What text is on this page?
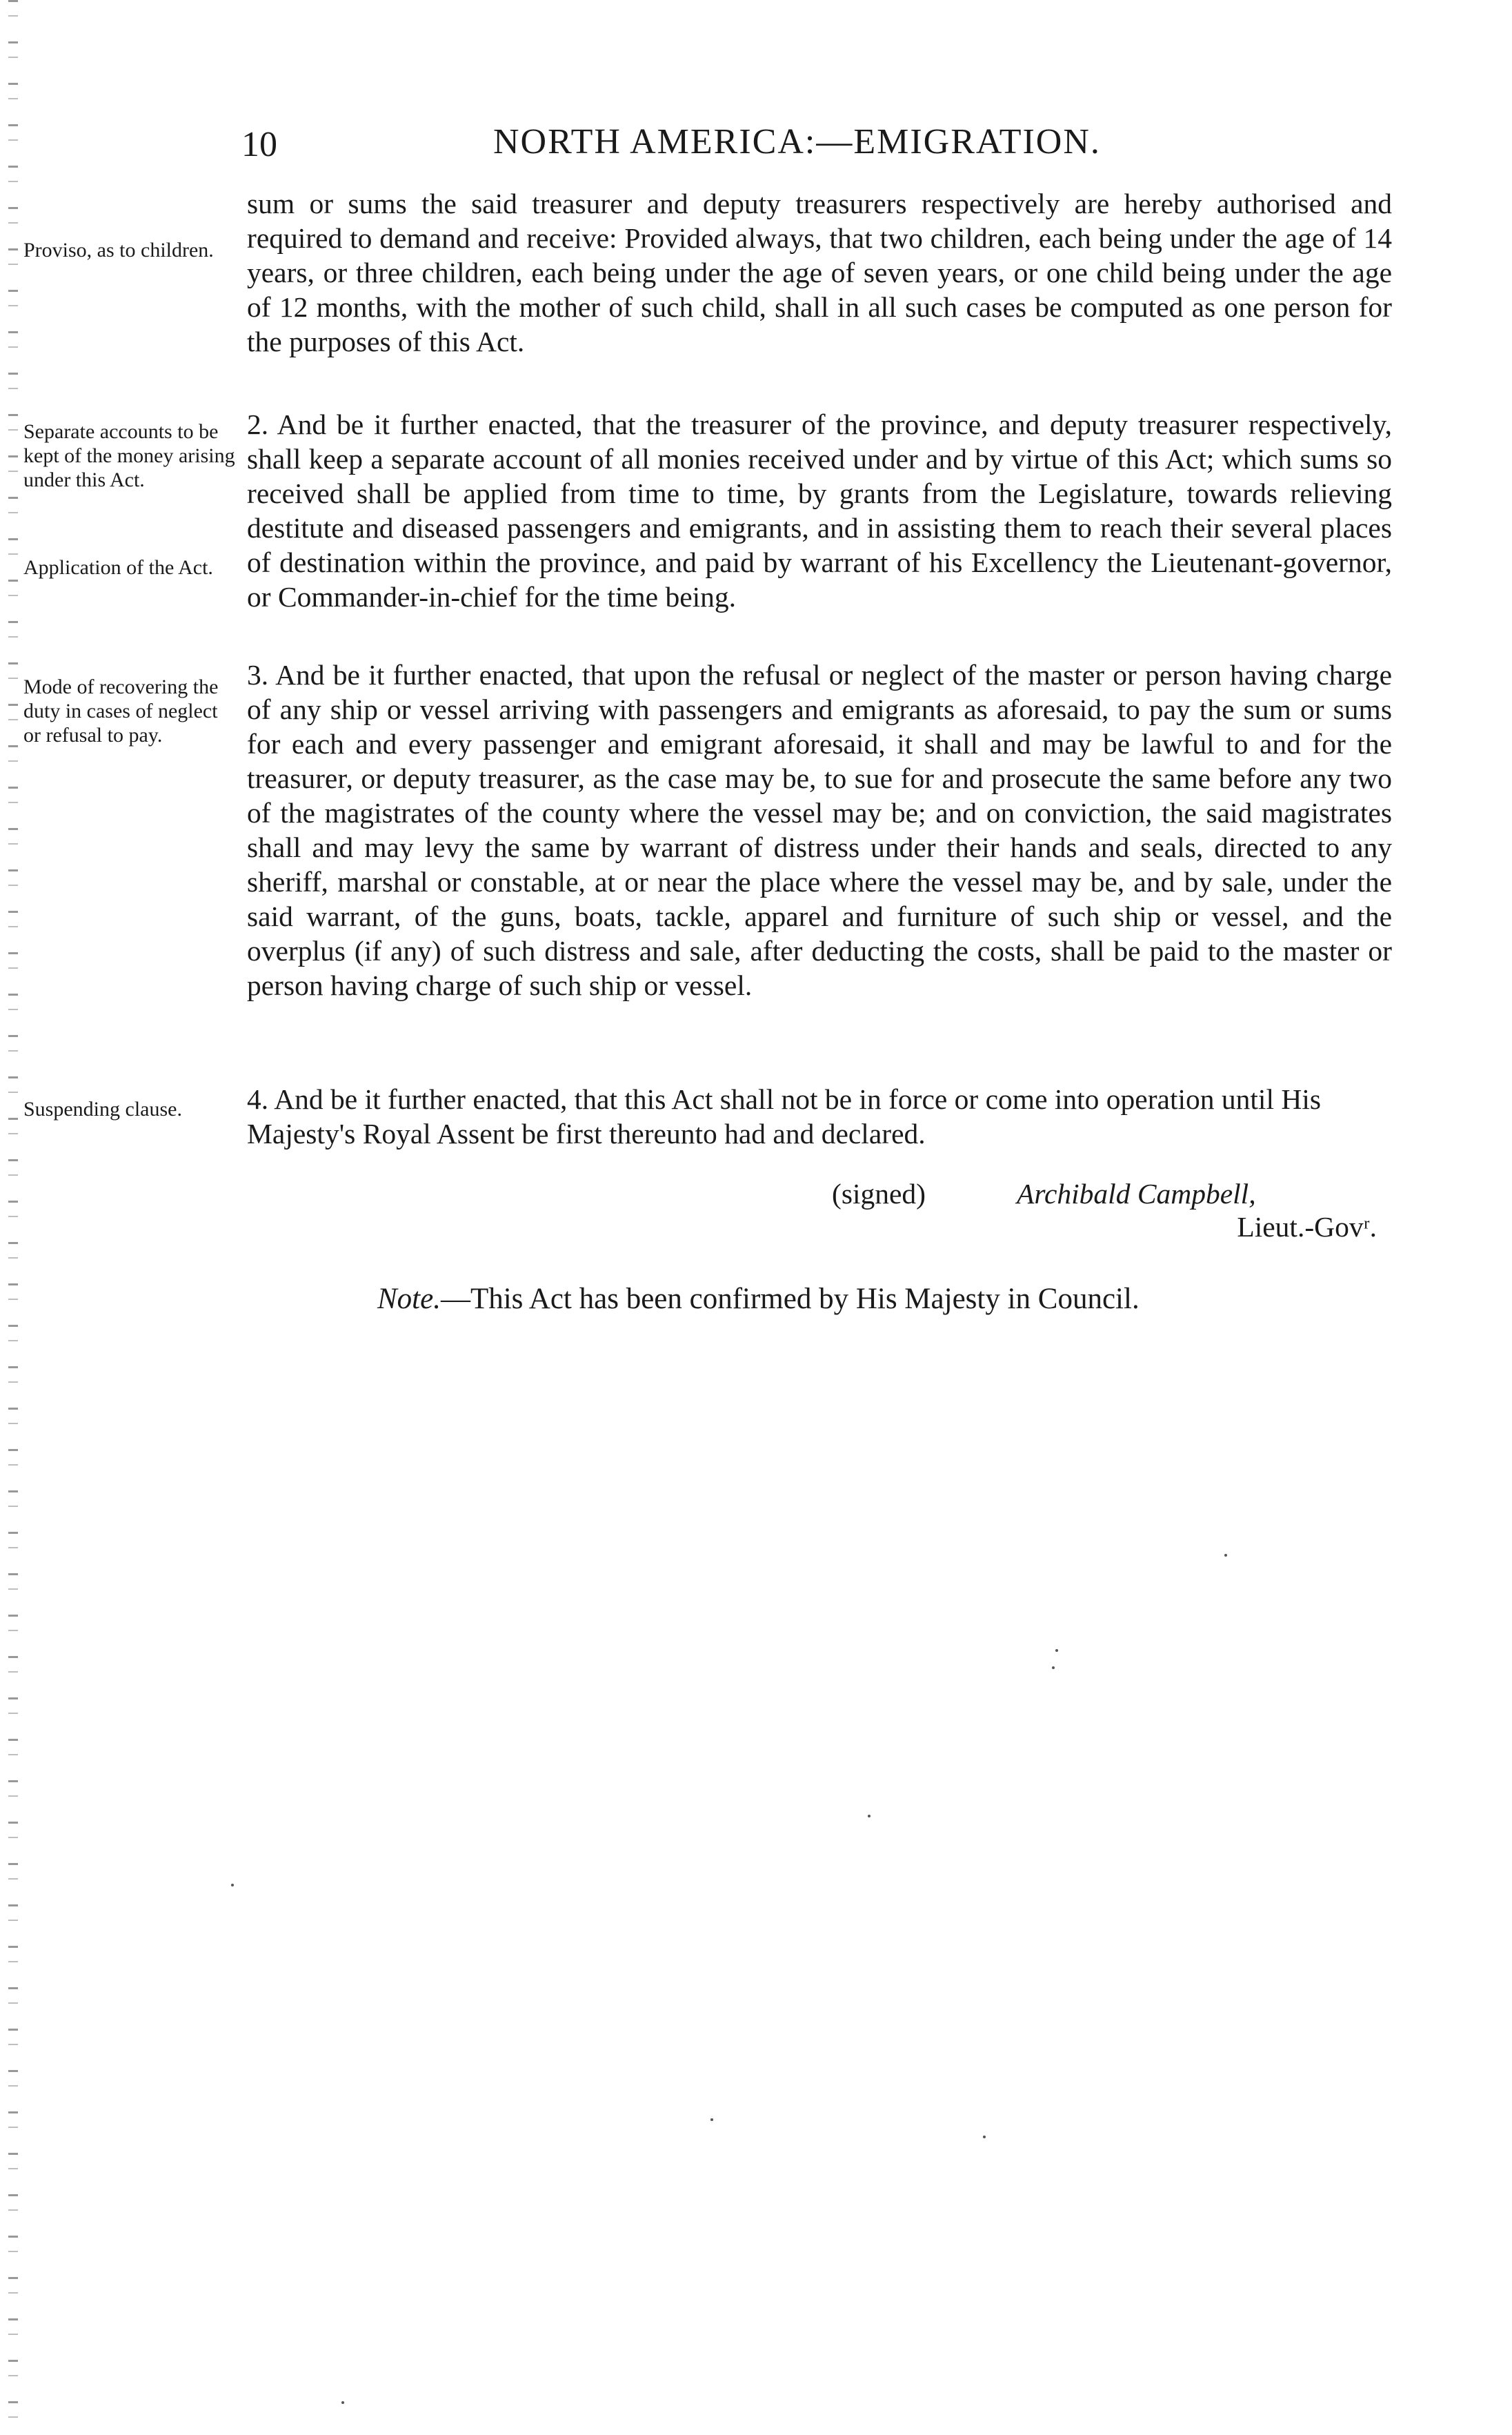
10	NORTH AMERICA:—EMIGRATION.
Proviso, as to children.

sum or sums the said treasurer and deputy treasurers respectively are hereby authorised and required to demand and receive: Provided always, that two children, each being under the age of 14 years, or three children, each being under the age of seven years, or one child being under the age of 12 months, with the mother of such child, shall in all such cases be computed as one person for the purposes of this Act.

Separate accounts to be kept of the money arising under this Act.
Application of the Act.

2. And be it further enacted, that the treasurer of the province, and deputy treasurer respectively, shall keep a separate account of all monies received under and by virtue of this Act; which sums so received shall be applied from time to time, by grants from the Legislature, towards relieving destitute and diseased passengers and emigrants, and in assisting them to reach their several places of destination within the province, and paid by warrant of his Excellency the Lieutenant-governor, or Commander-in-chief for the time being.

Mode of recovering the duty in cases of neglect or refusal to pay.

3. And be it further enacted, that upon the refusal or neglect of the master or person having charge of any ship or vessel arriving with passengers and emigrants as aforesaid, to pay the sum or sums for each and every passenger and emigrant aforesaid, it shall and may be lawful to and for the treasurer, or deputy treasurer, as the case may be, to sue for and prosecute the same before any two of the magistrates of the county where the vessel may be; and on conviction, the said magistrates shall and may levy the same by warrant of distress under their hands and seals, directed to any sheriff, marshal or constable, at or near the place where the vessel may be, and by sale, under the said warrant, of the guns, boats, tackle, apparel and furniture of such ship or vessel, and the overplus (if any) of such distress and sale, after deducting the costs, shall be paid to the master or person having charge of such ship or vessel.

Suspending clause.	4. And be it further enacted, that this Act shall not be in force or come into operation until His Majesty's Royal Assent be first thereunto had and declared.

(signed)	Archibald Campbell,
Lieut.-Govʳ.
Note.—This Act has been confirmed by His Majesty in Council.
